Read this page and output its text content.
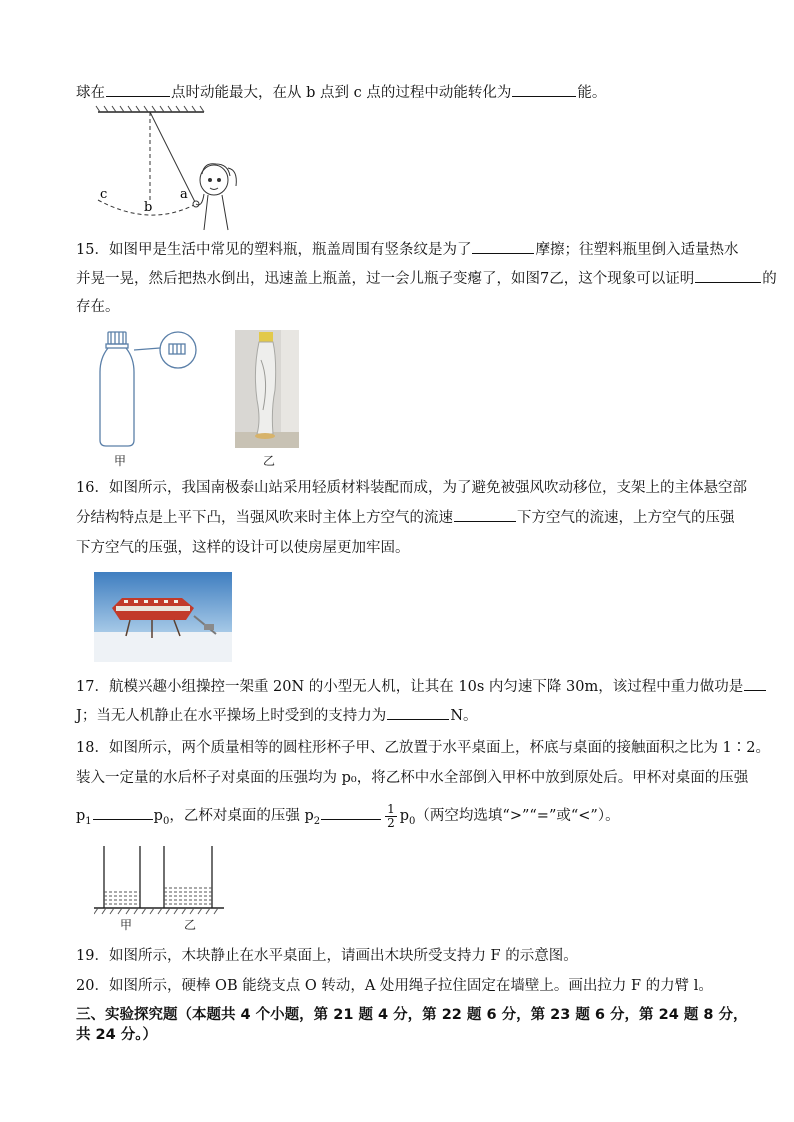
球在	点时动能最大，在从 b 点到 c 点的过程中动能转化为	能。
c
b
a
15．如图甲是生活中常见的塑料瓶，瓶盖周围有竖条纹是为了	摩擦；往塑料瓶里倒入适量热水
并晃一晃，然后把热水倒出，迅速盖上瓶盖，过一会儿瓶子变瘪了，如图7乙，这个现象可以证明	的
存在。
甲	乙
16．如图所示，我国南极泰山站采用轻质材料装配而成，为了避免被强风吹动移位，支架上的主体悬空部
分结构特点是上平下凸，当强风吹来时主体上方空气的流速	下方空气的流速，上方空气的压强
下方空气的压强，这样的设计可以使房屋更加牢固。
17．航模兴趣小组操控一架重 20N 的小型无人机，让其在 10s 内匀速下降 30m，该过程中重力做功是
J；当无人机静止在水平操场上时受到的支持力为	N。
18．如图所示，两个质量相等的圆柱形杯子甲、乙放置于水平桌面上，杯底与桌面的接触面积之比为 1∶2。
装入一定量的水后杯子对桌面的压强均为 p₀，将乙杯中水全部倒入甲杯中放到原处后。甲杯对桌面的压强
$p_1$	$p_0$，乙杯对桌面的压强 $p_2$	$\frac{1}{2} p_0$（两空均选填“>”“=”或“<”）。
甲	乙
19．如图所示，木块静止在水平桌面上，请画出木块所受支持力 F 的示意图。
20．如图所示，硬棒 OB 能绕支点 O 转动，A 处用绳子拉住固定在墙壁上。画出拉力 F 的力臂 l。
三、实验探究题（本题共 4 个小题，第 21 题 4 分，第 22 题 6 分，第 23 题 6 分，第 24 题 8 分，
共 24 分。）
